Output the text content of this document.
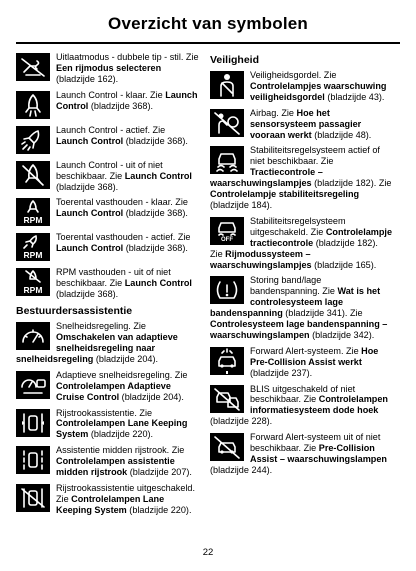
Overzicht van symbolen
Uitlaatmodus - dubbele tip - stil. Zie Een rijmodus selecteren (bladzijde 162).
Launch Control - klaar. Zie Launch Control (bladzijde 368).
Launch Control - actief. Zie Launch Control (bladzijde 368).
Launch Control - uit of niet beschikbaar. Zie Launch Control (bladzijde 368).
RPM
Toerental vasthouden - klaar. Zie Launch Control (bladzijde 368).
RPM
Toerental vasthouden - actief. Zie Launch Control (bladzijde 368).
RPM
RPM vasthouden - uit of niet beschikbaar. Zie Launch Control (bladzijde 368).
Bestuurdersassistentie
Snelheidsregeling. Zie Omschakelen van adaptieve snelheidsregeling naar snelheidsregeling (bladzijde 204).
Adaptieve snelheidsregeling. Zie Controlelampen Adaptieve Cruise Control (bladzijde 204).
Rijstrookassistentie. Zie Controlelampen Lane Keeping System (bladzijde 220).
Assistentie midden rijstrook. Zie Controlelampen assistentie midden rijstrook (bladzijde 207).
Rijstrookassistentie uitgeschakeld. Zie Controlelampen Lane Keeping System (bladzijde 220).
Veiligheid
Veiligheidsgordel. Zie Controlelampjes waarschuwing veiligheidsgordel (bladzijde 43).
Airbag. Zie Hoe het sensorsysteem passagier vooraan werkt (bladzijde 48).
Stabiliteitsregelsysteem actief of niet beschikbaar. Zie Tractiecontrole – waarschuwingslampjes (bladzijde 182). Zie Controlelampje stabiliteitsregeling (bladzijde 184).
OFF
Stabiliteitsregelsysteem uitgeschakeld. Zie Controlelampje tractiecontrole (bladzijde 182). Zie Rijmodussysteem – waarschuwingslampjes (bladzijde 165).
Storing band/lage bandenspanning. Zie Wat is het controlesysteem lage bandenspanning (bladzijde 341). Zie Controlesysteem lage bandenspanning – waarschuwingslampen (bladzijde 342).
Forward Alert-systeem. Zie Hoe Pre-Collision Assist werkt (bladzijde 237).
BLIS uitgeschakeld of niet beschikbaar. Zie Controlelampen informatiesysteem dode hoek (bladzijde 228).
Forward Alert-systeem uit of niet beschikbaar. Zie Pre-Collision Assist – waarschuwingslampen (bladzijde 244).
22
